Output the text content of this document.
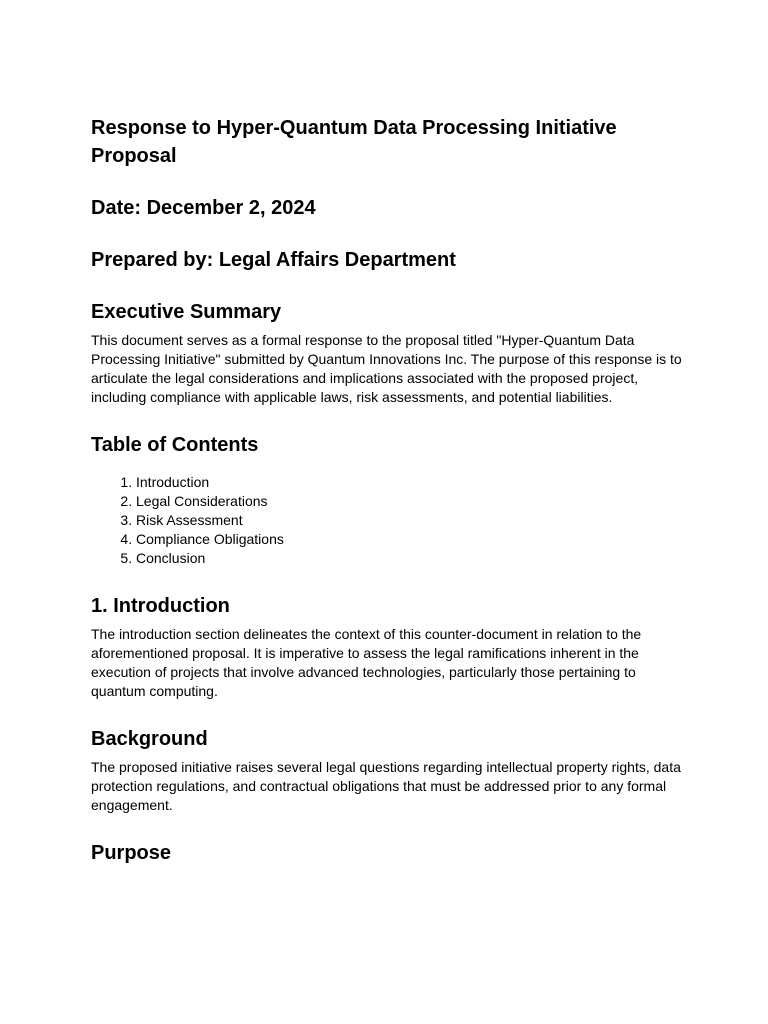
Response to Hyper-Quantum Data Processing Initiative Proposal
Date: December 2, 2024
Prepared by: Legal Affairs Department
Executive Summary

This document serves as a formal response to the proposal titled "Hyper-Quantum Data Processing Initiative" submitted by Quantum Innovations Inc. The purpose of this response is to articulate the legal considerations and implications associated with the proposed project, including compliance with applicable laws, risk assessments, and potential liabilities.

Table of Contents
1. Introduction
2. Legal Considerations
3. Risk Assessment
4. Compliance Obligations
5. Conclusion
1. Introduction

The introduction section delineates the context of this counter-document in relation to the aforementioned proposal. It is imperative to assess the legal ramifications inherent in the execution of projects that involve advanced technologies, particularly those pertaining to quantum computing.

Background

The proposed initiative raises several legal questions regarding intellectual property rights, data protection regulations, and contractual obligations that must be addressed prior to any formal engagement.

Purpose
